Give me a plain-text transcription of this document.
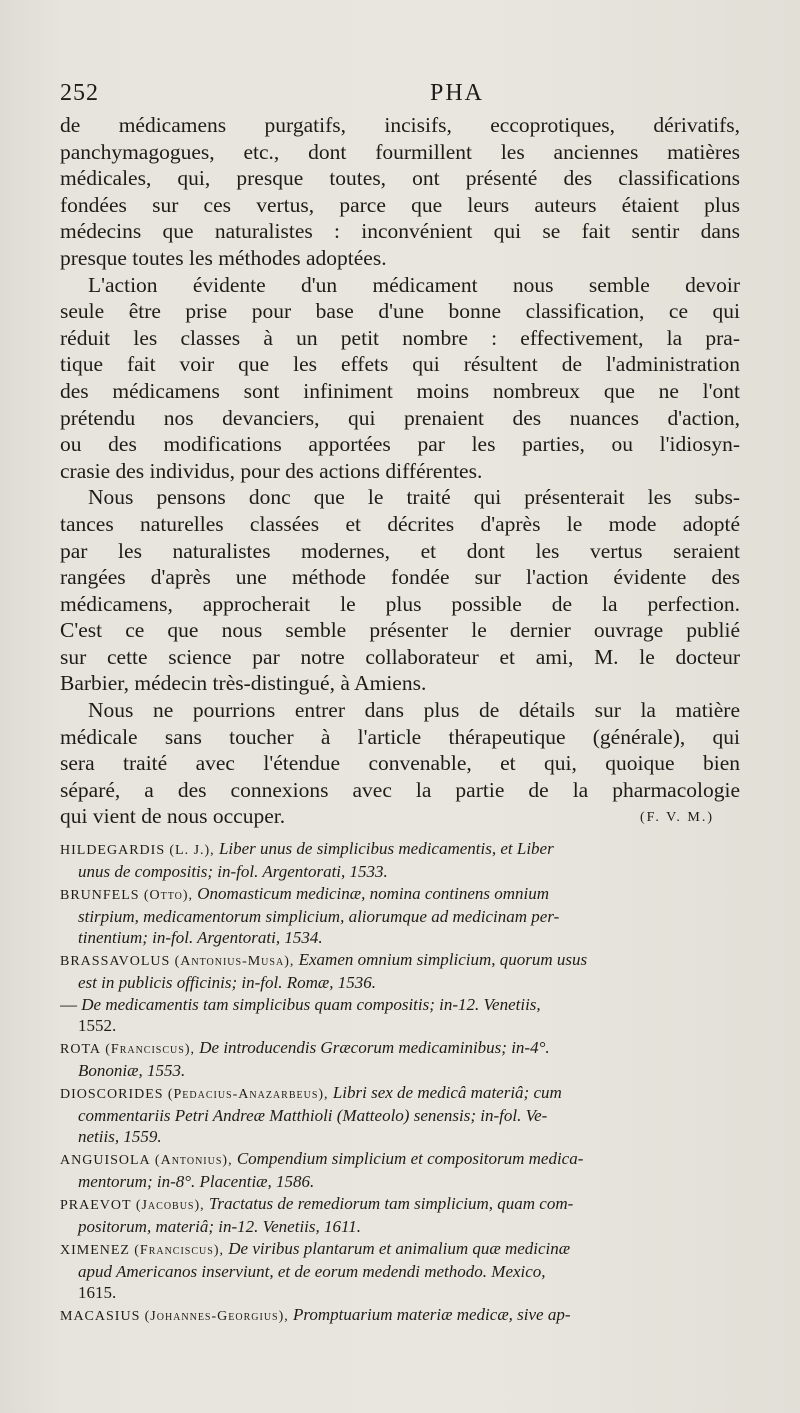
252	PHA
de médicamens purgatifs, incisifs, eccoprotiques, dérivatifs,
panchymagogues, etc., dont fourmillent les anciennes matières
médicales, qui, presque toutes, ont présenté des classifications
fondées sur ces vertus, parce que leurs auteurs étaient plus
médecins que naturalistes : inconvénient qui se fait sentir dans
presque toutes les méthodes adoptées.
L'action évidente d'un médicament nous semble devoir
seule être prise pour base d'une bonne classification, ce qui
réduit les classes à un petit nombre : effectivement, la pra-
tique fait voir que les effets qui résultent de l'administration
des médicamens sont infiniment moins nombreux que ne l'ont
prétendu nos devanciers, qui prenaient des nuances d'action,
ou des modifications apportées par les parties, ou l'idiosyn-
crasie des individus, pour des actions différentes.
Nous pensons donc que le traité qui présenterait les subs-
tances naturelles classées et décrites d'après le mode adopté
par les naturalistes modernes, et dont les vertus seraient
rangées d'après une méthode fondée sur l'action évidente des
médicamens, approcherait le plus possible de la perfection.
C'est ce que nous semble présenter le dernier ouvrage publié
sur cette science par notre collaborateur et ami, M. le docteur
Barbier, médecin très-distingué, à Amiens.
Nous ne pourrions entrer dans plus de détails sur la matière
médicale sans toucher à l'article thérapeutique (générale), qui
sera traité avec l'étendue convenable, et qui, quoique bien
séparé, a des connexions avec la partie de la pharmacologie
qui vient de nous occuper.	(F. V. M.)
HILDEGARDIS (L. J.), Liber unus de simplicibus medicamentis, et Liber
unus de compositis; in-fol. Argentorati, 1533.
BRUNFELS (Otto), Onomasticum medicinæ, nomina continens omnium
stirpium, medicamentorum simplicium, aliorumque ad medicinam per-
tinentium; in-fol. Argentorati, 1534.
BRASSAVOLUS (Antonius-Musa), Examen omnium simplicium, quorum usus
est in publicis officinis; in-fol. Romæ, 1536.
— De medicamentis tam simplicibus quam compositis; in-12. Venetiis,
1552.
ROTA (Franciscus), De introducendis Græcorum medicaminibus; in-4°.
Bononiæ, 1553.
DIOSCORIDES (Pedacius-Anazarbeus), Libri sex de medicâ materiâ; cum
commentariis Petri Andreæ Matthioli (Matteolo) senensis; in-fol. Ve-
netiis, 1559.
ANGUISOLA (Antonius), Compendium simplicium et compositorum medica-
mentorum; in-8°. Placentiæ, 1586.
PRAEVOT (Jacobus), Tractatus de remediorum tam simplicium, quam com-
positorum, materiâ; in-12. Venetiis, 1611.
XIMENEZ (Franciscus), De viribus plantarum et animalium quæ medicinæ
apud Americanos inserviunt, et de eorum medendi methodo. Mexico,
1615.
MACASIUS (Johannes-Georgius), Promptuarium materiæ medicæ, sive ap-
